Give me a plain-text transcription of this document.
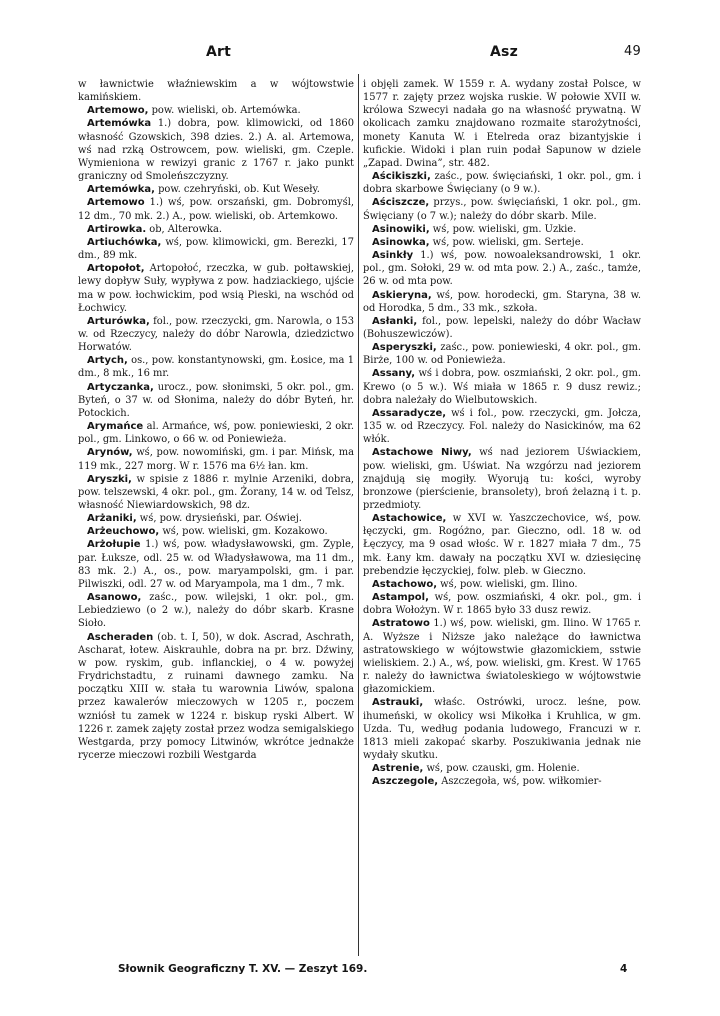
Art	Asz	49

w ławnictwie właźniewskim a w wójtowstwie kamińskiem.

Artemowo, pow. wieliski, ob. Artemówka.

Artemówka 1.) dobra, pow. klimowicki, od 1860 własność Gzowskich, 398 dzies. 2.) A. al. Artemowa, wś nad rzką Ostrowcem, pow. wieliski, gm. Czeple. Wymieniona w rewizyi granic z 1767 r. jako punkt graniczny od Smoleńszczyzny.

Artemówka, pow. czehryński, ob. Kut Weseły.

Artemowo 1.) wś, pow. orszański, gm. Dobromyśl, 12 dm., 70 mk. 2.) A., pow. wieliski, ob. Artemkowo.

Artirowka. ob, Alterowka.

Artiuchówka, wś, pow. klimowicki, gm. Berezki, 17 dm., 89 mk.

Artopołot, Artopołoć, rzeczka, w gub. połtawskiej, lewy dopływ Suły, wypływa z pow. hadziackiego, ujście ma w pow. łochwickim, pod wsią Pieski, na wschód od Łochwicy.

Arturówka, fol., pow. rzeczycki, gm. Narowla, o 153 w. od Rzeczycy, należy do dóbr Narowla, dziedzictwo Horwatów.

Artych, os., pow. konstantynowski, gm. Łosice, ma 1 dm., 8 mk., 16 mr.

Artyczanka, urocz., pow. słonimski, 5 okr. pol., gm. Byteń, o 37 w. od Słonima, należy do dóbr Byteń, hr. Potockich.

Arymańce al. Armańce, wś, pow. poniewieski, 2 okr. pol., gm. Linkowo, o 66 w. od Poniewieża.

Arynów, wś, pow. nowomiński, gm. i par. Mińsk, ma 119 mk., 227 morg. W r. 1576 ma 6½ łan. km.

Aryszki, w spisie z 1886 r. mylnie Arzeniki, dobra, pow. telszewski, 4 okr. pol., gm. Żorany, 14 w. od Telsz, własność Niewiardowskich, 98 dz.

Arżaniki, wś, pow. drysieński, par. Oświej.

Arżeuchowo, wś, pow. wieliski, gm. Kozakowo.

Arżołupie 1.) wś, pow. władysławowski, gm. Zyple, par. Łuksze, odl. 25 w. od Władysławowa, ma 11 dm., 83 mk. 2.) A., os., pow. maryampolski, gm. i par. Pilwiszki, odl. 27 w. od Maryampola, ma 1 dm., 7 mk.

Asanowo, zaśc., pow. wilejski, 1 okr. pol., gm. Lebiedziewo (o 2 w.), należy do dóbr skarb. Krasne Sioło.

Ascheraden (ob. t. I, 50), w dok. Ascrad, Aschrath, Ascharat, łotew. Aiskrauhle, dobra na pr. brz. Dźwiny, w pow. ryskim, gub. inflanckiej, o 4 w. powyżej Frydrichstadtu, z ruinami dawnego zamku. Na początku XIII w. stała tu warownia Liwów, spalona przez kawalerów mieczowych w 1205 r., poczem wzniósł tu zamek w 1224 r. biskup ryski Albert. W 1226 r. zamek zajęty został przez wodza semigalskiego Westgarda, przy pomocy Litwinów, wkrótce jednakże rycerze mieczowi rozbili Westgarda

i objęli zamek. W 1559 r. A. wydany został Polsce, w 1577 r. zajęty przez wojska ruskie. W połowie XVII w. królowa Szwecyi nadała go na własność prywatną. W okolicach zamku znajdowano rozmaite starożytności, monety Kanuta W. i Etelreda oraz bizantyjskie i kufickie. Widoki i plan ruin podał Sapunow w dziele „Zapad. Dwina”, str. 482.

Aścikiszki, zaśc., pow. święciański, 1 okr. pol., gm. i dobra skarbowe Święciany (o 9 w.).

Aściszcze, przys., pow. święciański, 1 okr. pol., gm. Święciany (o 7 w.); należy do dóbr skarb. Mile.

Asinowiki, wś, pow. wieliski, gm. Uzkie.

Asinowka, wś, pow. wieliski, gm. Serteje.

Asinkły 1.) wś, pow. nowoaleksandrowski, 1 okr. pol., gm. Sołoki, 29 w. od mta pow. 2.) A., zaśc., tamże, 26 w. od mta pow.

Askieryna, wś, pow. horodecki, gm. Starynа, 38 w. od Horodka, 5 dm., 33 mk., szkoła.

Asłanki, fol., pow. lepelski, należy do dóbr Wacław (Bohuszewiczów).

Asperyszki, zaśc., pow. poniewieski, 4 okr. pol., gm. Birże, 100 w. od Poniewieża.

Assany, wś i dobra, pow. oszmiański, 2 okr. pol., gm. Krewo (o 5 w.). Wś miała w 1865 r. 9 dusz rewiz.; dobra należały do Wielbutowskich.

Assaradycze, wś i fol., pow. rzeczycki, gm. Jołcza, 135 w. od Rzeczycy. Fol. należy do Nasickinów, ma 62 włók.

Astachowe Niwy, wś nad jeziorem Uświackiem, pow. wieliski, gm. Uświat. Na wzgórzu nad jeziorem znajdują się mogiły. Wyorują tu: kości, wyroby bronzowe (pierścienie, bransolety), broń żelazną i t. p. przedmioty.

Astachowice, w XVI w. Yaszczechovice, wś, pow. łęczycki, gm. Rogóżno, par. Gieczno, odl. 18 w. od Łęczycy, ma 9 osad włośc. W r. 1827 miała 7 dm., 75 mk. Łany km. dawały na początku XVI w. dziesięcinę prebendzie łęczyckiej, folw. pleb. w Gieczno.

Astachowo, wś, pow. wieliski, gm. Ilino.

Astampol, wś, pow. oszmiański, 4 okr. pol., gm. i dobra Wołożyn. W r. 1865 było 33 dusz rewiz.

Astratowo 1.) wś, pow. wieliski, gm. Ilino. W 1765 r. A. Wyższe i Niższe jako należące do ławnictwa astratowskiego w wójtowstwie głazomickiem, sstwie wieliskiem. 2.) A., wś, pow. wieliski, gm. Krest. W 1765 r. należy do ławnictwa światoleskiego w wójtowstwie głazomickiem.

Astrauki, właśc. Ostrówki, urocz. leśne, pow. ihumeński, w okolicy wsi Mikołka i Kruhlica, w gm. Uzda. Tu, według podania ludowego, Francuzi w r. 1813 mieli zakopać skarby. Poszukiwania jednak nie wydały skutku.

Astrenie, wś, pow. czauski, gm. Holenie.

Aszczegole, Aszczegoła, wś, pow. wiłkomier-

Słownik Geograficzny T. XV. — Zeszyt 169.	4
